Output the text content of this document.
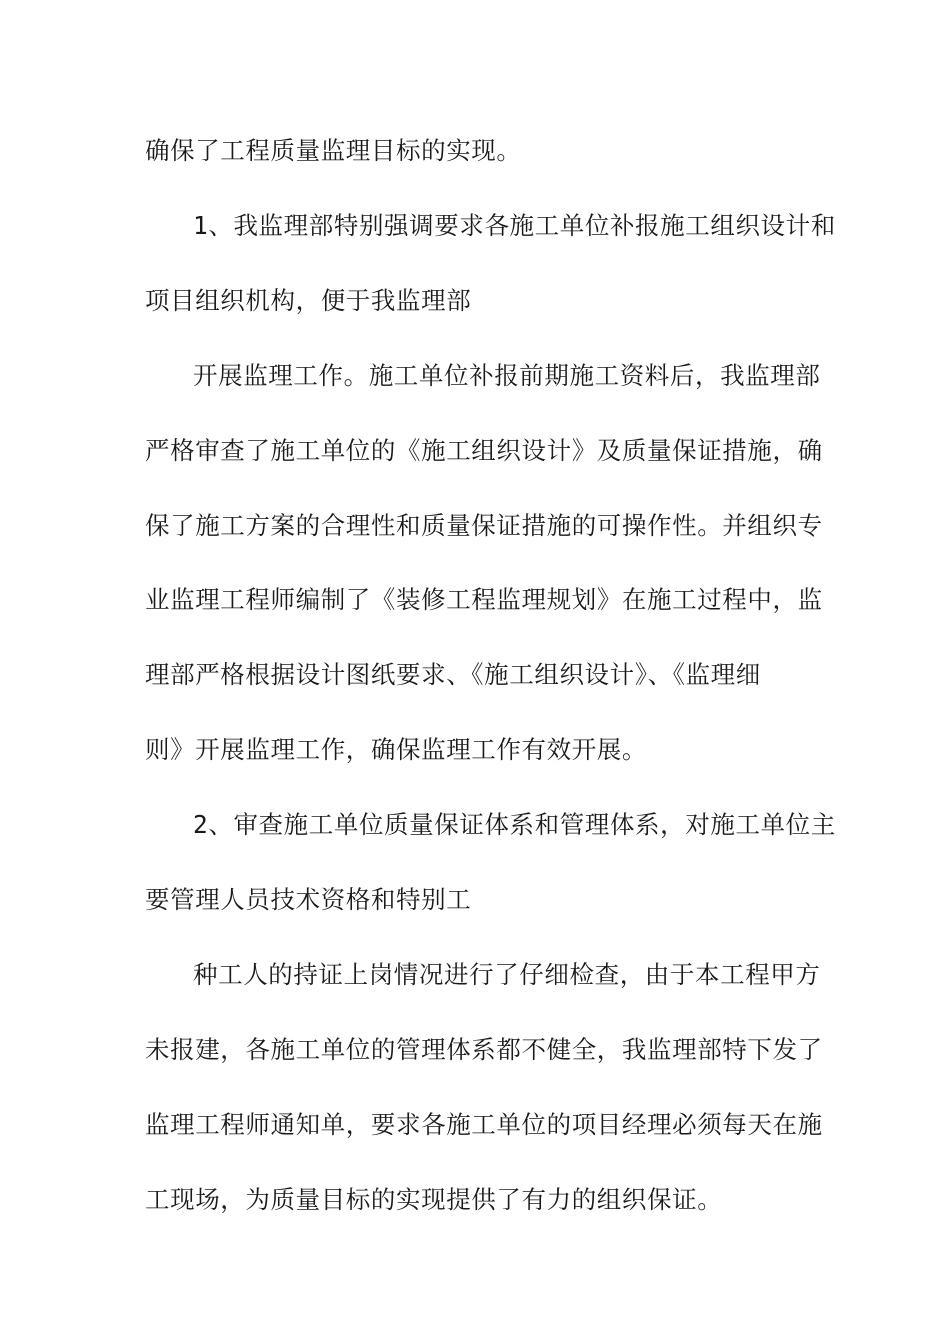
确保了工程质量监理目标的实现。
1、我监理部特别强调要求各施工单位补报施工组织设计和
项目组织机构，便于我监理部
开展监理工作。施工单位补报前期施工资料后，我监理部
严格审查了施工单位的《施工组织设计》及质量保证措施，确
保了施工方案的合理性和质量保证措施的可操作性。并组织专
业监理工程师编制了《装修工程监理规划》在施工过程中，监
理部严格根据设计图纸要求、《施工组织设计》、《监理细
则》开展监理工作，确保监理工作有效开展。
2、审查施工单位质量保证体系和管理体系，对施工单位主
要管理人员技术资格和特别工
种工人的持证上岗情况进行了仔细检查，由于本工程甲方
未报建，各施工单位的管理体系都不健全，我监理部特下发了
监理工程师通知单，要求各施工单位的项目经理必须每天在施
工现场，为质量目标的实现提供了有力的组织保证。
